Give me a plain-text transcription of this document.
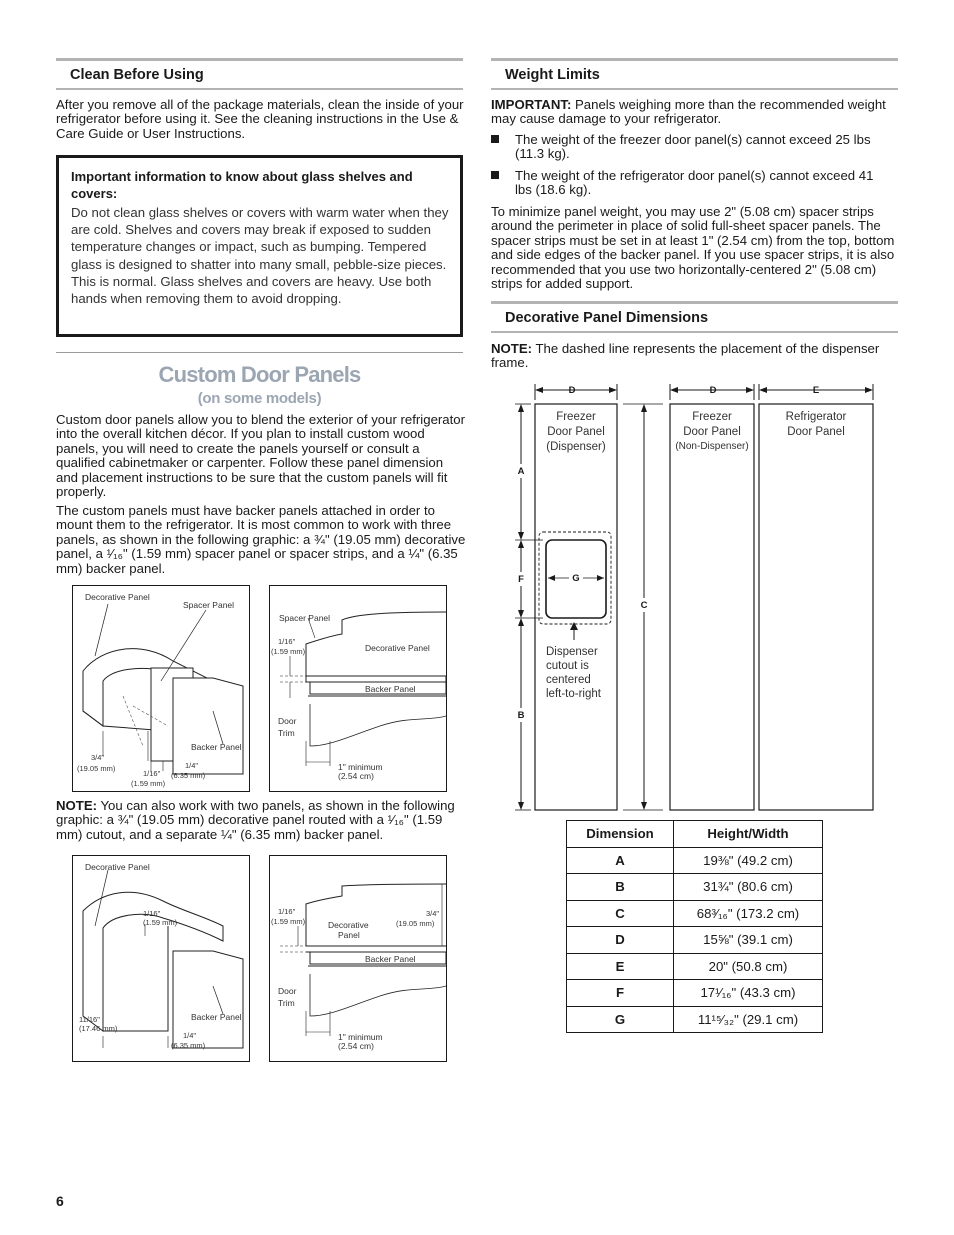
Clean Before Using

After you remove all of the package materials, clean the inside of your refrigerator before using it. See the cleaning instructions in the Use & Care Guide or User Instructions.

Important information to know about glass shelves and covers:

Do not clean glass shelves or covers with warm water when they are cold. Shelves and covers may break if exposed to sudden temperature changes or impact, such as bumping. Tempered glass is designed to shatter into many small, pebble-size pieces. This is normal. Glass shelves and covers are heavy. Use both hands when removing them to avoid dropping.

Custom Door Panels
(on some models)

Custom door panels allow you to blend the exterior of your refrigerator into the overall kitchen décor. If you plan to install custom wood panels, you will need to create the panels yourself or consult a qualified cabinetmaker or carpenter. Follow these panel dimension and placement instructions to be sure that the custom panels will fit properly.

The custom panels must have backer panels attached in order to mount them to the refrigerator. It is most common to work with three panels, as shown in the following graphic: a ¾" (19.05 mm) decorative panel, a ¹⁄₁₆" (1.59 mm) spacer panel or spacer strips, and a ¼" (6.35 mm) backer panel.

Decorative Panel
Spacer Panel
Backer Panel
3/4"
(19.05 mm)
1/16"
(1.59 mm)
1/4"
(6.35 mm)
Spacer Panel
Decorative Panel
Backer Panel
Door
Trim
1/16"
(1.59 mm)
1" minimum
(2.54 cm)

NOTE: You can also work with two panels, as shown in the following graphic: a ¾" (19.05 mm) decorative panel routed with a ¹⁄₁₆" (1.59 mm) cutout, and a separate ¼" (6.35 mm) backer panel.

Decorative Panel
1/16"
(1.59 mm)
Backer Panel
11/16"
(17.46 mm)
1/4"
(6.35 mm)
Decorative
Panel
Backer Panel
Door
Trim
1/16"
(1.59 mm)
3/4"
(19.05 mm)
1" minimum
(2.54 cm)
Weight Limits

IMPORTANT: Panels weighing more than the recommended weight may cause damage to your refrigerator.

The weight of the freezer door panel(s) cannot exceed 25 lbs (11.3 kg).
The weight of the refrigerator door panel(s) cannot exceed 41 lbs (18.6 kg).

To minimize panel weight, you may use 2" (5.08 cm) spacer strips around the perimeter in place of solid full-sheet spacer panels. The spacer strips must be set in at least 1" (2.54 cm) from the top, bottom and side edges of the backer panel. If you use spacer strips, it is also recommended that you use two horizontally-centered 2" (5.08 cm) strips for added support.

Decorative Panel Dimensions

NOTE: The dashed line represents the placement of the dispenser frame.

D	D	E
Freezer
Door Panel
(Dispenser)
Freezer
Door Panel
(Non-Dispenser)
Refrigerator
Door Panel
G
Dispenser
cutout is
centered
left-to-right
A
F
B
C
Dimension	Height/Width
A	19⅜" (49.2 cm)
B	31¾" (80.6 cm)
C	68³⁄₁₆" (173.2 cm)
D	15⅝" (39.1 cm)
E	20" (50.8 cm)
F	17¹⁄₁₆" (43.3 cm)
G	11¹⁵⁄₃₂" (29.1 cm)
6
